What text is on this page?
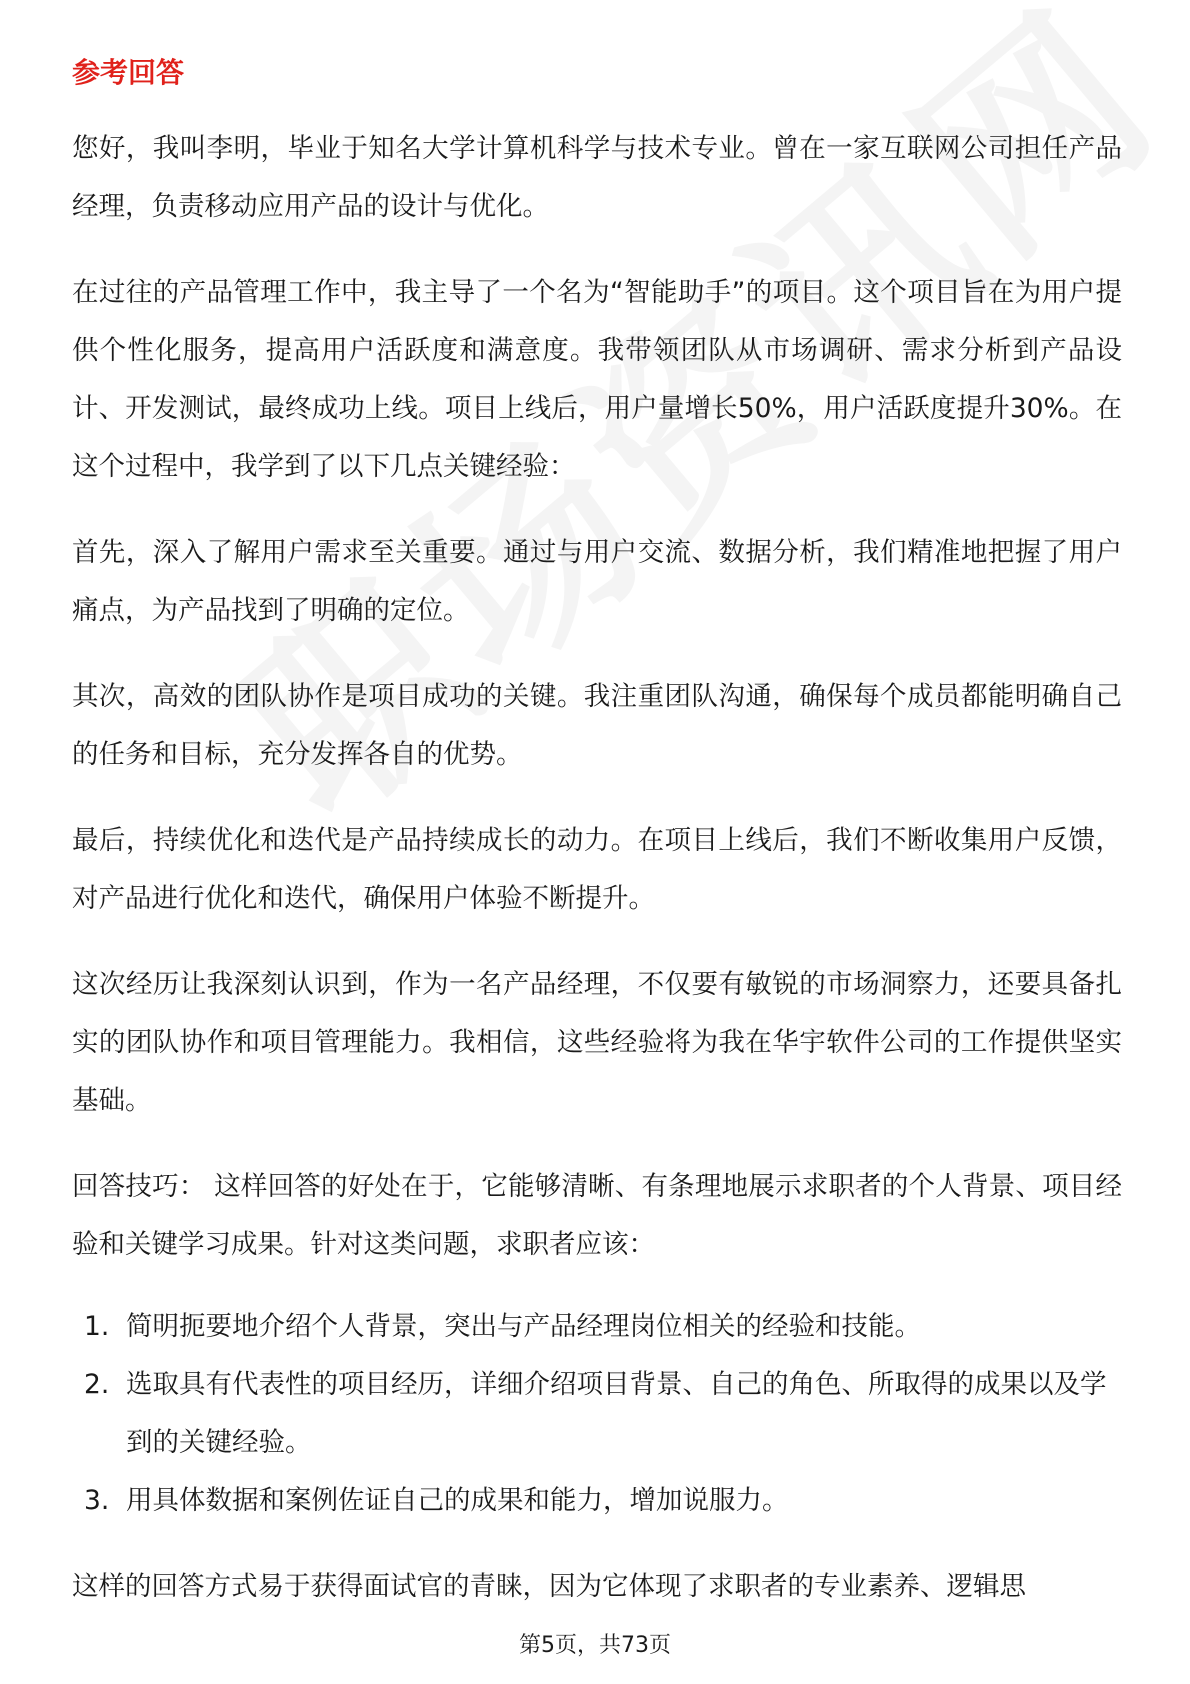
参考回答

您好，我叫李明，毕业于知名大学计算机科学与技术专业。曾在一家互联网公司担任产品经理，负责移动应用产品的设计与优化。

在过往的产品管理工作中，我主导了一个名为“智能助手”的项目。这个项目旨在为用户提供个性化服务，提高用户活跃度和满意度。我带领团队从市场调研、需求分析到产品设计、开发测试，最终成功上线。项目上线后，用户量增长50%，用户活跃度提升30%。在这个过程中，我学到了以下几点关键经验：

首先，深入了解用户需求至关重要。通过与用户交流、数据分析，我们精准地把握了用户痛点，为产品找到了明确的定位。

其次，高效的团队协作是项目成功的关键。我注重团队沟通，确保每个成员都能明确自己的任务和目标，充分发挥各自的优势。

最后，持续优化和迭代是产品持续成长的动力。在项目上线后，我们不断收集用户反馈，对产品进行优化和迭代，确保用户体验不断提升。

这次经历让我深刻认识到，作为一名产品经理，不仅要有敏锐的市场洞察力，还要具备扎实的团队协作和项目管理能力。我相信，这些经验将为我在华宇软件公司的工作提供坚实基础。

回答技巧： 这样回答的好处在于，它能够清晰、有条理地展示求职者的个人背景、项目经验和关键学习成果。针对这类问题，求职者应该：

1. 简明扼要地介绍个人背景，突出与产品经理岗位相关的经验和技能。
2. 选取具有代表性的项目经历，详细介绍项目背景、自己的角色、所取得的成果以及学到的关键经验。
3. 用具体数据和案例佐证自己的成果和能力，增加说服力。

这样的回答方式易于获得面试官的青睐，因为它体现了求职者的专业素养、逻辑思

第5页，共73页
